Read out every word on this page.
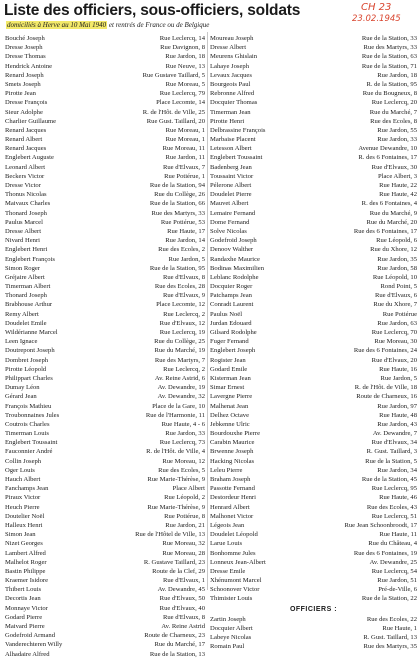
Liste des officiers, sous-officiers, soldats
domiciliés à Herve au 10 Mai 1940 et rentrés de France ou de Belgique
CH 23
23.02.1945
Bouché Joseph	Rue Leclercq, 14
Dresse Joseph	Rue Davignon, 8
Dresse Thomas	Rue Jardon, 18
Hendrick Antoine	Rue Neuve, 13
Renard Joseph	Rue Gustave Taillard, 5
Smets Joseph	Rue Moreau, 5
Pirotte Jean	Rue Leclercq, 79
Dresse François	Place Lecomte, 14
Sieur Adolphe	R. de l'Hôt. de Ville, 25
Charlier Guillaume	Rue Gust. Taillard, 20
Renard Jacques	Rue Moreau, 1
Renard Albert	Rue Moreau, 1
Renard Jacques	Rue Moreau, 11
Englebert Auguste	Rue Jardon, 11
Leonard Albert	Rue d'Elvaux, 7
Beckers Victor	Rue Potiérue, 1
Dresse Victor	Rue de la Station, 94
Thonus Nicolas	Rue du Collège, 26
Maivaux Charles	Rue de la Station, 66
Thonard Joseph	Rue des Martyrs, 33
Paulus Marcel	Rue Potiérue, 53
Dresse Albert	Rue Haute, 17
Nivard Henri	Rue Jardon, 14
Englebert Henri	Rue des Ecoles, 2
Englebert François	Rue Jardon, 5
Simon Roger	Rue de la Station, 95
Gréjaire Albert	Rue d'Elvaux, 8
Timerman Albert	Rue des Ecoles, 28
Thonard Joseph	Rue d'Elvaux, 9
Brabhouse Arthur	Place Lecomte, 12
Remy Albert	Rue Leclercq, 2
Doudelet Emile	Rue d'Elvaux, 12
Wildérianne Marcel	Rue Leclercq, 19
Leen Ignace	Rue du Collège, 25
Doutrepont Joseph	Rue du Marché, 19
Dombret Joseph	Rue des Martyrs, 7
Pirotte Léopold	Rue Leclercq, 2
Philippart Charles	Av. Reine Astrid, 6
Dumay Léon	Av. Dewandre, 19
Gérard Jean	Av. Dewandre, 32
François Mathieu	Place de la Gare, 10
Troubonnaines Jules	Rue de l'Harmonie, 11
Coutrois Charles	Rue Haute, 4 - 6
Timerman Louis	Rue Jardon, 33
Englebert Toussaint	Rue Leclercq, 73
Fauconnier André	R. de l'Hôt. de Ville, 4
Collin Joseph	Rue Moreau, 12
Oger Louis	Rue des Ecoles, 5
Hauch Albert	Rue Marie-Thérèse, 9
Fanchamps Jean	Place Albert
Piraux Victor	Rue Léopold, 2
Heuch Pierre	Rue Marie-Thérèse, 9
Doutelier Noël	Rue Potiérue, 8
Halleux Henri	Rue Jardon, 21
Simon Jean	Rue de l'Hôtel de Ville, 13
Nizet Georges	Rue Moreau, 32
Lambert Alfred	Rue Moreau, 28
Malhelot Roger	R. Gustave Taillard, 23
Bastin Philippe	Route de la Clef, 29
Kraemer Isidore	Rue d'Elvaux, 1
Thibert Louis	Av. Dewandre, 45
Decortis Jean	Rue d'Elvaux, 50
Monnaye Victor	Rue d'Elvaux, 40
Godard Pierre	Rue d'Elvaux, 8
Maivard Pierre	Av. Reine Astrid
Godefroid Armand	Route de Charneux, 23
Vanderechteren Willy	Rue du Marché, 17
Alhadaire Alfred	Rue de la Station, 13
Moureau Joseph	Rue de la Station, 33
Dresse Albert	Rue des Martyrs, 33
Meurens Ghislain	Rue de la Station, 63
Lahaye Joseph	Rue de la Station, 71
Levaux Jacques	Rue Jardon, 18
Bourgeois Paul	R. de la Station, 95
Rebronne Alfred	Rue du Bougneux, 8
Docquier Thomas	Rue Leclercq, 20
Timerman Jean	Rue du Marché, 7
Pirotte Henri	Rue des Ecoles, 8
Delbrassine François	Rue Jardon, 55
Marbaise Placent	Rue Jardon, 33
Letesson Albert	Avenue Dewandre, 10
Englebert Toussaint	R. des 6 Fontaines, 17
Badenberg Jean	Rue d'Elvaux, 30
Toussaint Victor	Place Albert, 3
Pélerone Albert	Rue Haute, 22
Doudelet Pierre	Rue Haute, 42
Mauvet Albert	R. des 6 Fontaines, 4
Lemaire Fernand	Rue du Marché, 9
Dome Fernand	Rue du Marché, 20
Solve Nicolas	Rue des 6 Fontaines, 17
Godefroid Joseph	Rue Léopold, 6
Denoov Walther	Rue du Xhore, 12
Randaxhe Maurice	Rue Jardon, 35
Bodinas Maximilien	Rue Jardon, 58
Leblanc Rodolphe	Rue Léopold, 10
Docquier Roger	Rond Point, 5
Patchamps Jean	Rue d'Elvaux, 6
Conradt Laurent	Rue du Xhore, 7
Paulus Noël	Rue Potiérue
Jurdan Edouard	Rue Jardon, 63
Gilsard Rodolphe	Rue Leclercq, 70
Fuger Fernand	Rue Moreau, 30
Englebert Joseph	Rue des 6 Fontaines, 24
Rogister Jean	Rue d'Elvaux, 20
Godard Emile	Rue Haute, 16
Kisterman Jean	Rue Jardon, 5
Simar Ernest	R. de l'Hôt. de Ville, 18
Lavergne Pierre	Route de Charneux, 16
Malhenat Jean	Rue Jardon, 97
Delhez Octave	Rue Haute, 48
Jebkenne Ulric	Rue Jardon, 43
Bourdouxhe Pierre	Av. Dewandre, 7
Carabin Maurice	Rue d'Elvaux, 34
Brwenne Joseph	R. Gust. Taillard, 3
Hacking Nicolas	Rue de la Station, 5
Leleu Pierre	Rue Jardon, 34
Braham Joseph	Rue de la Station, 45
Passotte Fernand	Rue Leclercq, 95
Destordeur Henri	Rue Haute, 46
Henrard Albert	Rue des Ecoles, 43
Malhonet Victor	Rue Leclercq, 51
Légeois Jean	Rue Jean Schoonbroodt, 17
Doudelet Léopold	Rue Haute, 11
Larue Louis	Rue du Château, 4
Bonhomme Jules	Rue des 6 Fontaines, 19
Lonneux Jean-Albert	Av. Dewandre, 25
Dresse Emile	Rue Leclercq, 54
Xhénumont Marcel	Rue Jardon, 51
Schoonover Victor	Pré-de-Ville, 6
Thimister Louis	Rue de la Station, 22
OFFICIERS :
Zartin Joseph	Rue des Ecoles, 22
Docquier Albert	Rue Haute, 1
Labeye Nicolas	R. Gust. Taillard, 13
Romain Paul	Rue des Martyrs, 35
